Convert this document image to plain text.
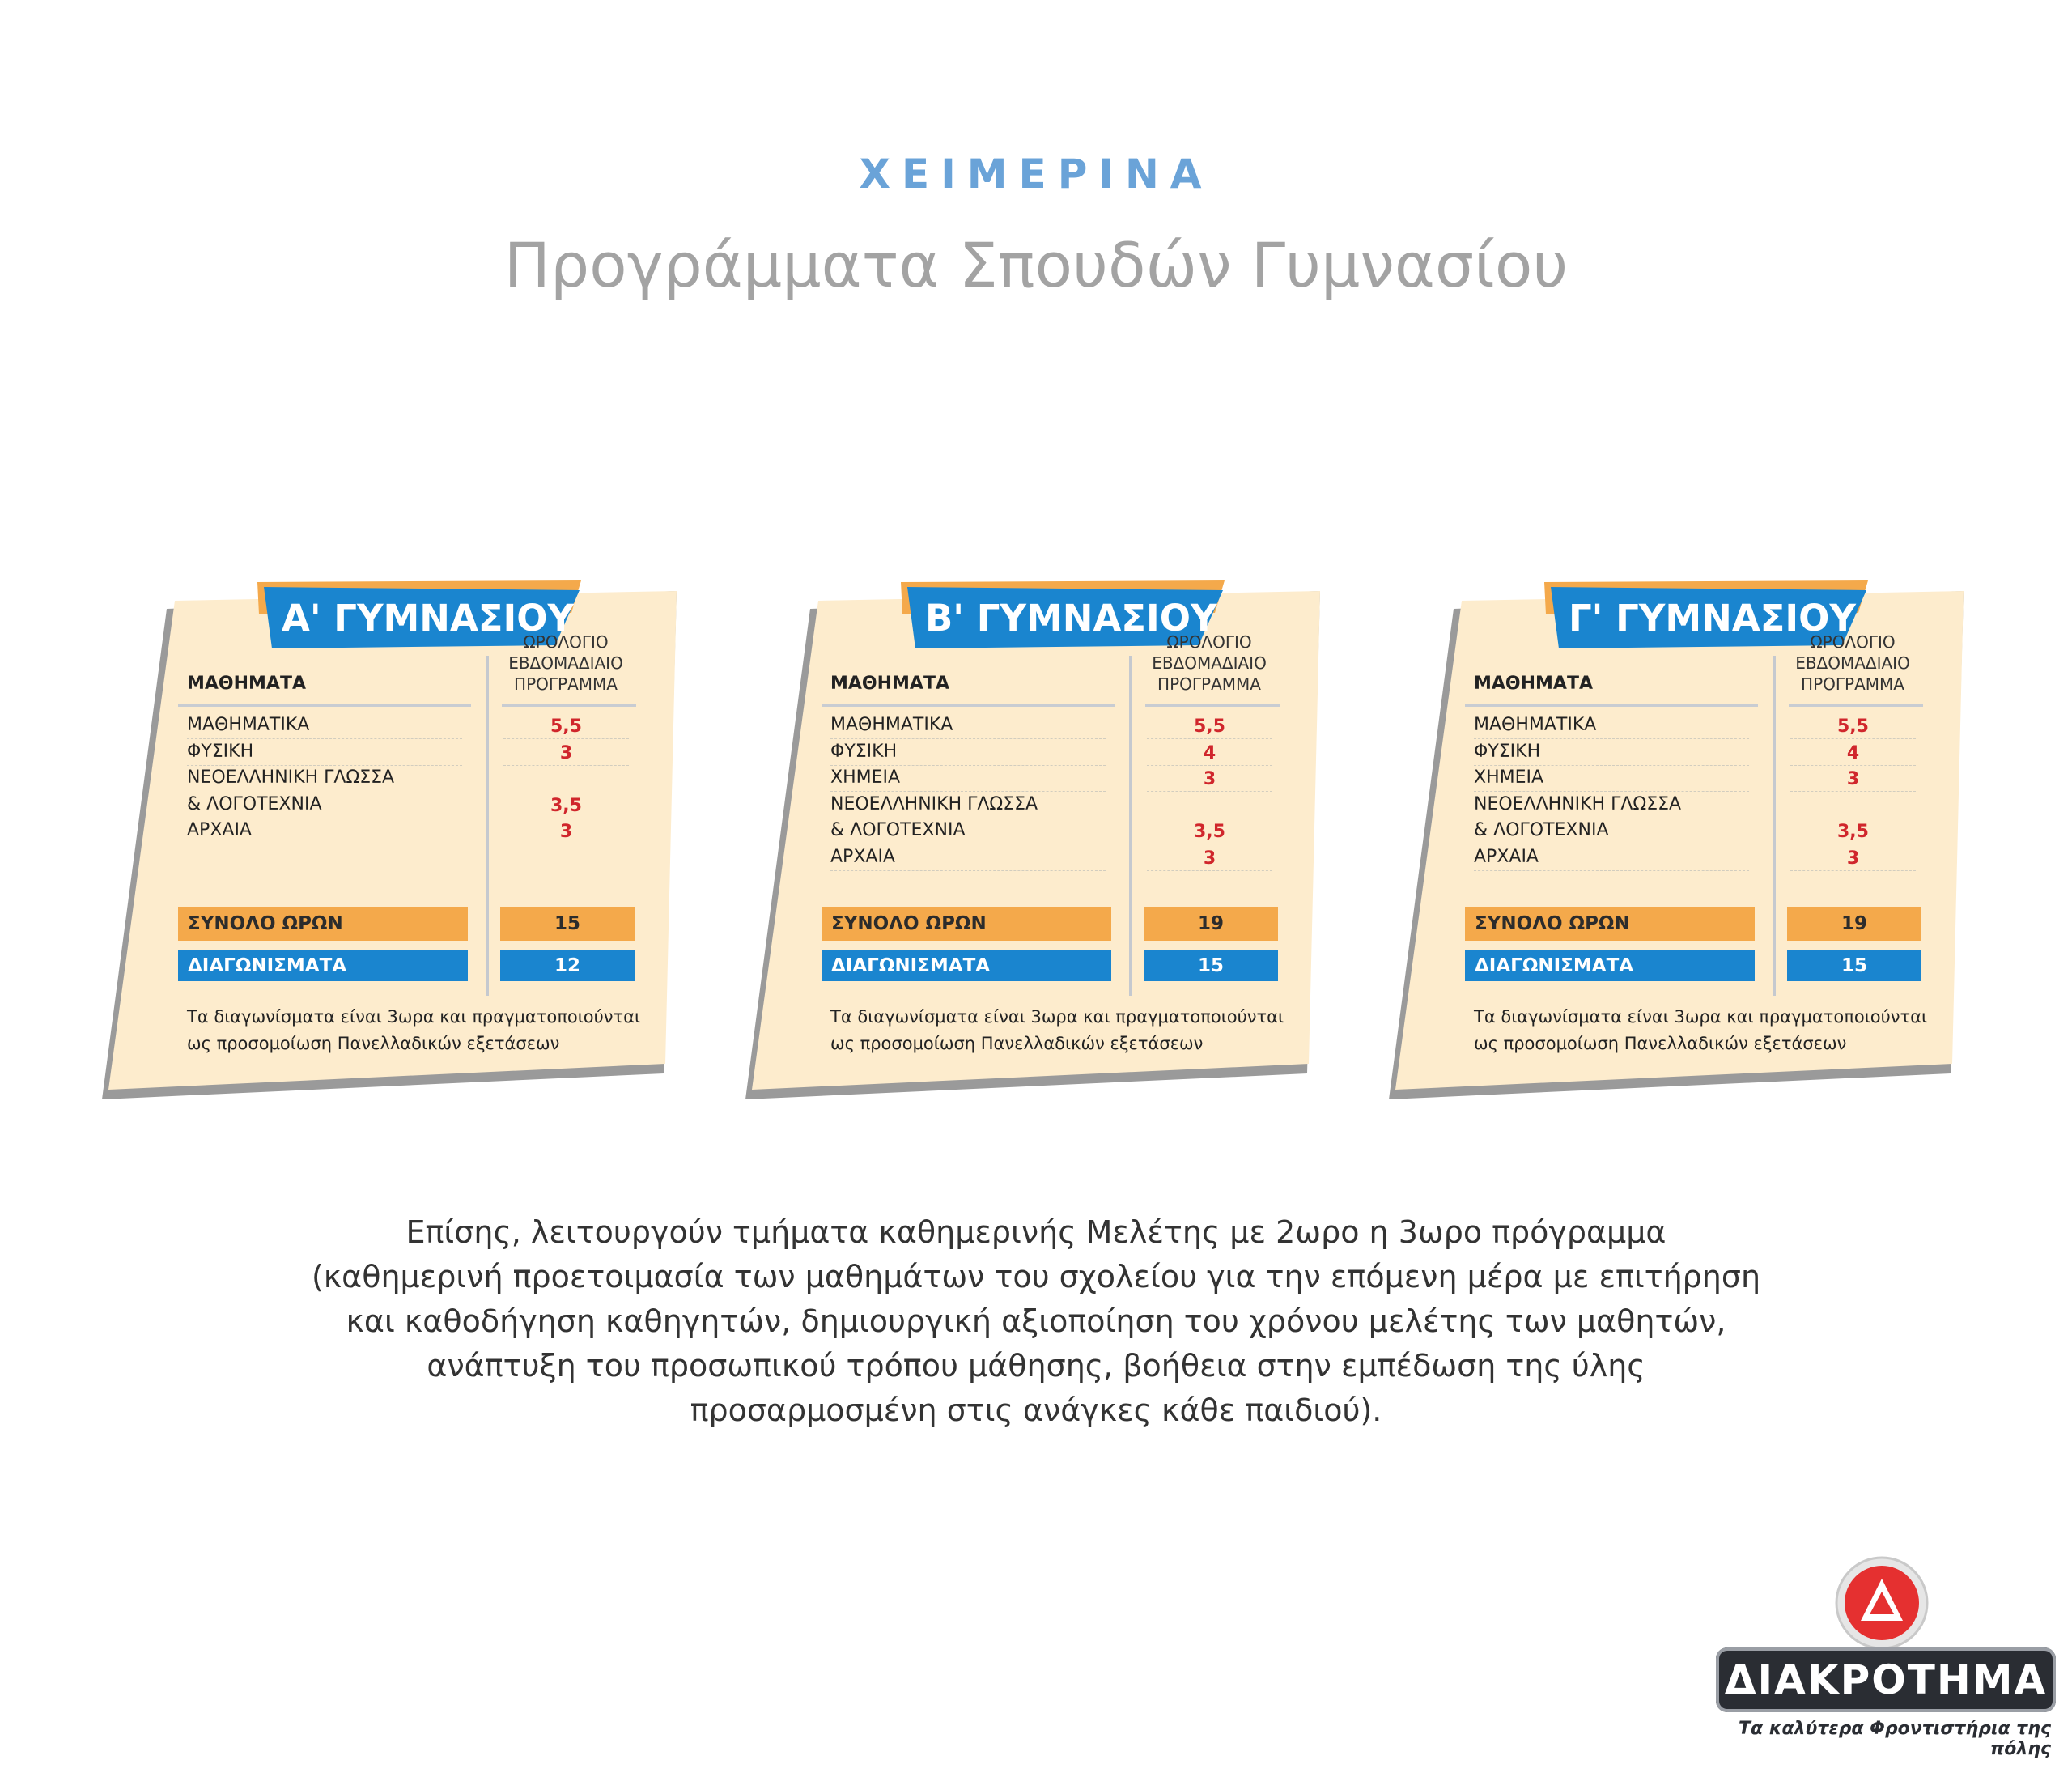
ΧΕΙΜΕΡΙΝΑ
Προγράμματα Σπουδών Γυμνασίου
Α' ΓΥΜΝΑΣΙΟΥ
ΜΑΘΗΜΑΤΑ
ΩΡΟΛΟΓΙΟ
ΕΒΔΟΜΑΔΙΑΙΟ
ΠΡΟΓΡΑΜΜΑ
ΜΑΘΗΜΑΤΙΚΑ	5,5
ΦΥΣΙΚΗ	3
ΝΕΟΕΛΛΗΝΙΚΗ ΓΛΩΣΣΑ
& ΛΟΓΟΤΕΧΝΙΑ	3,5
ΑΡΧΑΙΑ	3
ΣΥΝΟΛΟ ΩΡΩΝ	15
ΔΙΑΓΩΝΙΣΜΑΤΑ	12
Τα διαγωνίσματα είναι 3ωρα και πραγματοποιούνται ως προσομοίωση Πανελλαδικών εξετάσεων
Β' ΓΥΜΝΑΣΙΟΥ
ΜΑΘΗΜΑΤΑ
ΩΡΟΛΟΓΙΟ
ΕΒΔΟΜΑΔΙΑΙΟ
ΠΡΟΓΡΑΜΜΑ
ΜΑΘΗΜΑΤΙΚΑ	5,5
ΦΥΣΙΚΗ	4
ΧΗΜΕΙΑ	3
ΝΕΟΕΛΛΗΝΙΚΗ ΓΛΩΣΣΑ
& ΛΟΓΟΤΕΧΝΙΑ	3,5
ΑΡΧΑΙΑ	3
ΣΥΝΟΛΟ ΩΡΩΝ	19
ΔΙΑΓΩΝΙΣΜΑΤΑ	15
Τα διαγωνίσματα είναι 3ωρα και πραγματοποιούνται ως προσομοίωση Πανελλαδικών εξετάσεων
Γ' ΓΥΜΝΑΣΙΟΥ
ΜΑΘΗΜΑΤΑ
ΩΡΟΛΟΓΙΟ
ΕΒΔΟΜΑΔΙΑΙΟ
ΠΡΟΓΡΑΜΜΑ
ΜΑΘΗΜΑΤΙΚΑ	5,5
ΦΥΣΙΚΗ	4
ΧΗΜΕΙΑ	3
ΝΕΟΕΛΛΗΝΙΚΗ ΓΛΩΣΣΑ
& ΛΟΓΟΤΕΧΝΙΑ	3,5
ΑΡΧΑΙΑ	3
ΣΥΝΟΛΟ ΩΡΩΝ	19
ΔΙΑΓΩΝΙΣΜΑΤΑ	15
Τα διαγωνίσματα είναι 3ωρα και πραγματοποιούνται ως προσομοίωση Πανελλαδικών εξετάσεων
Επίσης, λειτουργούν τμήματα καθημερινής Μελέτης με 2ωρο η 3ωρο πρόγραμμα (καθημερινή προετοιμασία των μαθημάτων του σχολείου για την επόμενη μέρα με επιτήρηση και καθοδήγηση καθηγητών, δημιουργική αξιοποίηση του χρόνου μελέτης των μαθητών, ανάπτυξη του προσωπικού τρόπου μάθησης, βοήθεια στην εμπέδωση της ύλης προσαρμοσμένη στις ανάγκες κάθε παιδιού).
ΔΙΑΚΡΟΤΗΜΑ
Τα καλύτερα Φροντιστήρια της πόλης
